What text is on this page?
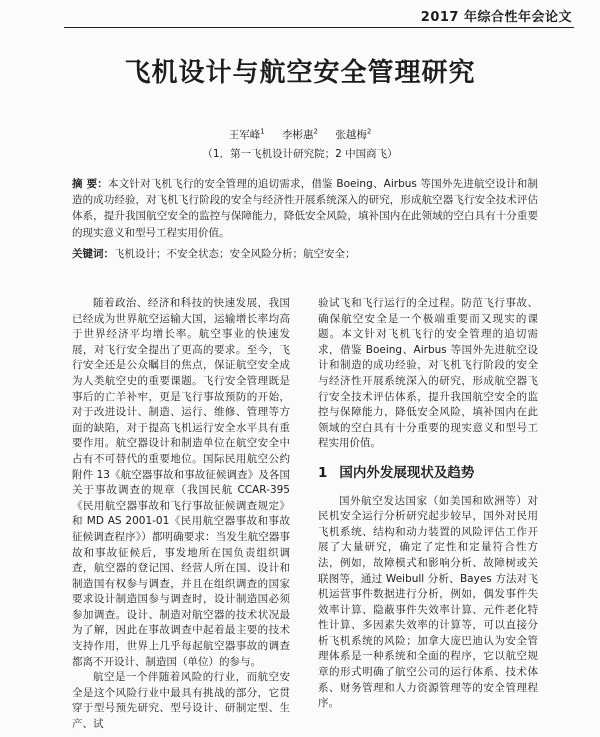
2017 年综合性年会论文
飞机设计与航空安全管理研究
王军峰$^1$ 李彬惠$^2$ 张越梅$^2$
（1．第一飞机设计研究院；2 中国商飞）
摘 要：本文针对飞机飞行的安全管理的追切需求，借鉴 Boeing、Airbus 等国外先进航空设计和制造的成功经验，对飞机飞行阶段的安全与经济性开展系统深入的研究，形成航空器飞行安全技术评估体系，提升我国航空安全的监控与保障能力，降低安全风险，填补国内在此领域的空白具有十分重要的现实意义和型号工程实用价值。
关键词：飞机设计；不安全状态；安全风险分析；航空安全；

随着政治、经济和科技的快速发展，我国已经成为世界航空运输大国，运输增长率均高于世界经济平均增长率。航空事业的快速发展，对飞行安全提出了更高的要求。至今，飞行安全还是公众瞩目的焦点，保证航空安全成为人类航空史的重要课题。飞行安全管理既是事后的亡羊补牢，更是飞行事故预防的开始，对于改进设计、制造、运行、维修、管理等方面的缺陷，对于提高飞机运行安全水平具有重要作用。航空器设计和制造单位在航空安全中占有不可替代的重要地位。国际民用航空公约附件 13《航空器事故和事故征候调查》及各国关于事故调查的规章（我国民航 CCAR-395《民用航空器事故和飞行事故征候调查规定》和 MD AS 2001-01《民用航空器事故和事故征候调查程序》）都明确要求：当发生航空器事故和事故征候后，事发地所在国负责组织调查，航空器的登记国、经营人所在国、设计和制造国有权参与调查，并且在组织调查的国家要求设计制造国参与调查时，设计制造国必须参加调查。设计、制造对航空器的技术状况最为了解，因此在事故调查中起着最主要的技术支持作用，世界上几乎每起航空器事故的调查都离不开设计、制造国（单位）的参与。

航空是一个伴随着风险的行业，而航空安全是这个风险行业中最具有挑战的部分，它贯穿于型号预先研究、型号设计、研制定型、生产、试

验试飞和飞行运行的全过程。防范飞行事故、确保航空安全是一个极端重要而又现实的课题。本文针对飞机飞行的安全管理的追切需求，借鉴 Boeing、Airbus 等国外先进航空设计和制造的成功经验，对飞机飞行阶段的安全与经济性开展系统深入的研究，形成航空器飞行安全技术评估体系，提升我国航空安全的监控与保障能力，降低安全风险，填补国内在此领域的空白具有十分重要的现实意义和型号工程实用价值。

1 国内外发展现状及趋势

国外航空发达国家（如美国和欧洲等）对民机安全运行分析研究起步较早，国外对民用飞机系统、结构和动力装置的风险评估工作开展了大量研究，确定了定性和定量符合性方法，例如，故障模式和影响分析、故障树或关联图等，通过 Weibull 分析、Bayes 方法对飞机运营事件数据进行分析，例如，偶发事件失效率计算、隐蔽事件失效率计算、元件老化特性计算、多因素失效率的计算等，可以直接分析飞机系统的风险；加拿大庞巴迪认为安全管理体系是一种系统和全面的程序，它以航空规章的形式明确了航空公司的运行体系、技术体系、财务管理和人力资源管理等的安全管理程序。
